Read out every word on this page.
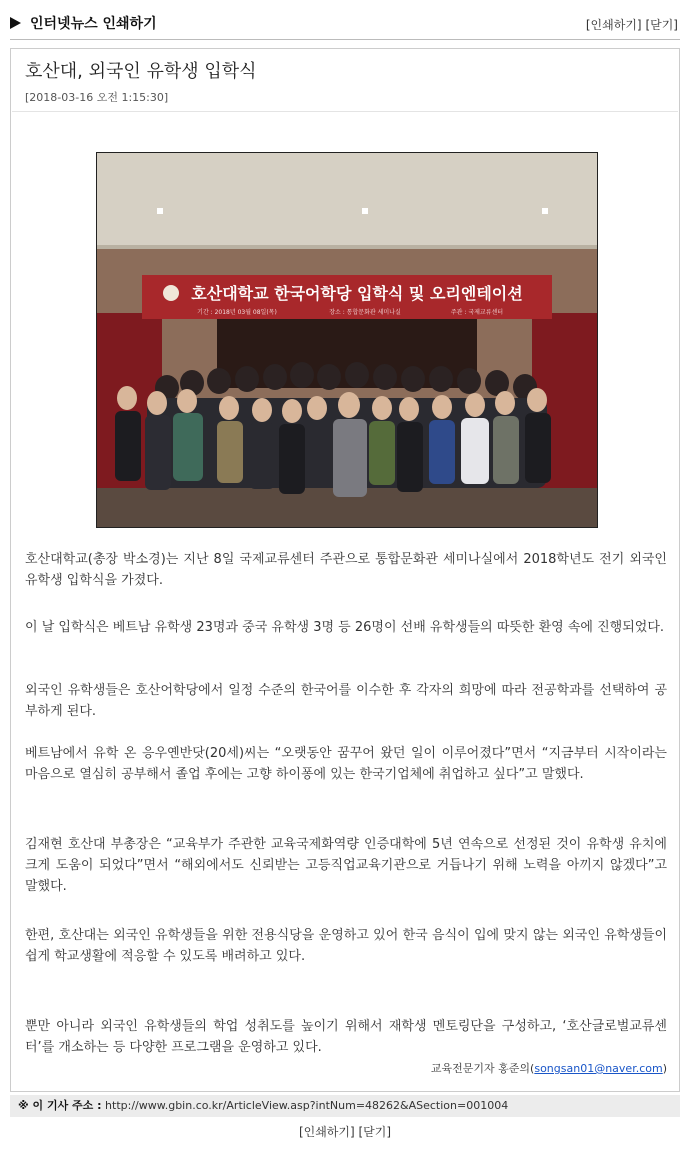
인터넷뉴스 인쇄하기	[인쇄하기] [닫기]
호산대, 외국인 유학생 입학식
[2018-03-16 오전 1:15:30]
호산대학교 한국어학당 입학식 및 오리엔테이션
기간 : 2018년 03월 08일(목)	장소 : 통합문화관 세미나실	주관 : 국제교류센터

호산대학교(총장 박소경)는 지난 8일 국제교류센터 주관으로 통합문화관 세미나실에서 2018학년도 전기 외국인 유학생 입학식을 가졌다.

이 날 입학식은 베트남 유학생 23명과 중국 유학생 3명 등 26명이 선배 유학생들의 따뜻한 환영 속에 진행되었다.

외국인 유학생들은 호산어학당에서 일정 수준의 한국어를 이수한 후 각자의 희망에 따라 전공학과를 선택하여 공부하게 된다.

베트남에서 유학 온 응우옌반닷(20세)씨는 “오랫동안 꿈꾸어 왔던 일이 이루어졌다”면서 “지금부터 시작이라는 마음으로 열심히 공부해서 졸업 후에는 고향 하이퐁에 있는 한국기업체에 취업하고 싶다”고 말했다.

김재현 호산대 부총장은 “교육부가 주관한 교육국제화역량 인증대학에 5년 연속으로 선정된 것이 유학생 유치에 크게 도움이 되었다”면서 “해외에서도 신뢰받는 고등직업교육기관으로 거듭나기 위해 노력을 아끼지 않겠다”고 말했다.

한편, 호산대는 외국인 유학생들을 위한 전용식당을 운영하고 있어 한국 음식이 입에 맞지 않는 외국인 유학생들이 쉽게 학교생활에 적응할 수 있도록 배려하고 있다.

뿐만 아니라 외국인 유학생들의 학업 성취도를 높이기 위해서 재학생 멘토링단을 구성하고, ‘호산글로벌교류센터’를 개소하는 등 다양한 프로그램을 운영하고 있다.

교육전문기자 홍준의(songsan01@naver.com)
※ 이 기사 주소 : http://www.gbin.co.kr/ArticleView.asp?intNum=48262&ASection=001004
[인쇄하기] [닫기]
